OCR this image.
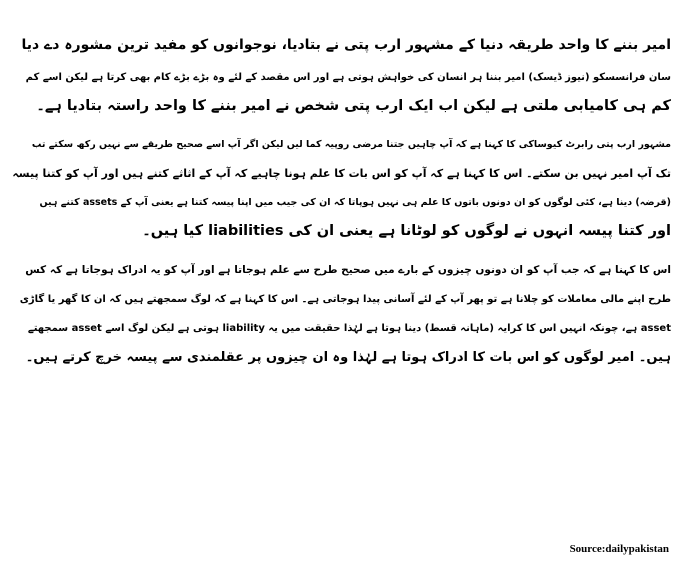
امیر بننے کا واحد طریقہ دنیا کے مشہور ارب پتی نے بتادیا، نوجوانوں کو مفید ترین مشورہ دے دیا
سان فرانسسکو (نیوز ڈیسک) امیر بننا ہر انسان کی خواہش ہوتی ہے اور اس مقصد کے لئے وہ بڑے بڑے کام بھی کرتا ہے لیکن اسے کم
کم ہی کامیابی ملتی ہے لیکن اب ایک ارب پتی شخص نے امیر بننے کا واحد راستہ بتادیا ہے۔
مشہور ارب پتی رابرٹ کیوساکی کا کہنا ہے کہ آپ چاہیں جتنا مرضی روپیہ کما لیں لیکن اگر آپ اسے صحیح طریقے سے نہیں رکھ سکتے تب
تک آپ امیر نہیں بن سکتے۔ اس کا کہنا ہے کہ آپ کو اس بات کا علم ہونا چاہیے کہ آپ کے اثاثے کتنے ہیں اور آپ کو کتنا پیسہ
(قرضہ) دینا ہے، کئی لوگوں کو ان دونوں باتوں کا علم ہی نہیں ہوپاتا کہ ان کی جیب میں اپنا پیسہ کتنا ہے یعنی آپ کے assets کتنے ہیں
اور کتنا پیسہ انہوں نے لوگوں کو لوٹانا ہے یعنی ان کی liabilities کیا ہیں۔
اس کا کہنا ہے کہ جب آپ کو ان دونوں چیزوں کے بارے میں صحیح طرح سے علم ہوجاتا ہے اور آپ کو یہ ادراک ہوجاتا ہے کہ کس
طرح اپنے مالی معاملات کو چلانا ہے تو پھر آپ کے لئے آسانی پیدا ہوجاتی ہے۔ اس کا کہنا ہے کہ لوگ سمجھتے ہیں کہ ان کا گھر یا گاڑی
asset ہے، چونکہ انہیں اس کا کرایہ (ماہانہ قسط) دینا ہوتا ہے لہٰذا حقیقت میں یہ liability ہوتی ہے لیکن لوگ اسے asset سمجھتے
ہیں۔ امیر لوگوں کو اس بات کا ادراک ہوتا ہے لہٰذا وہ ان چیزوں پر عقلمندی سے پیسہ خرچ کرتے ہیں۔
Source:dailypakistan
